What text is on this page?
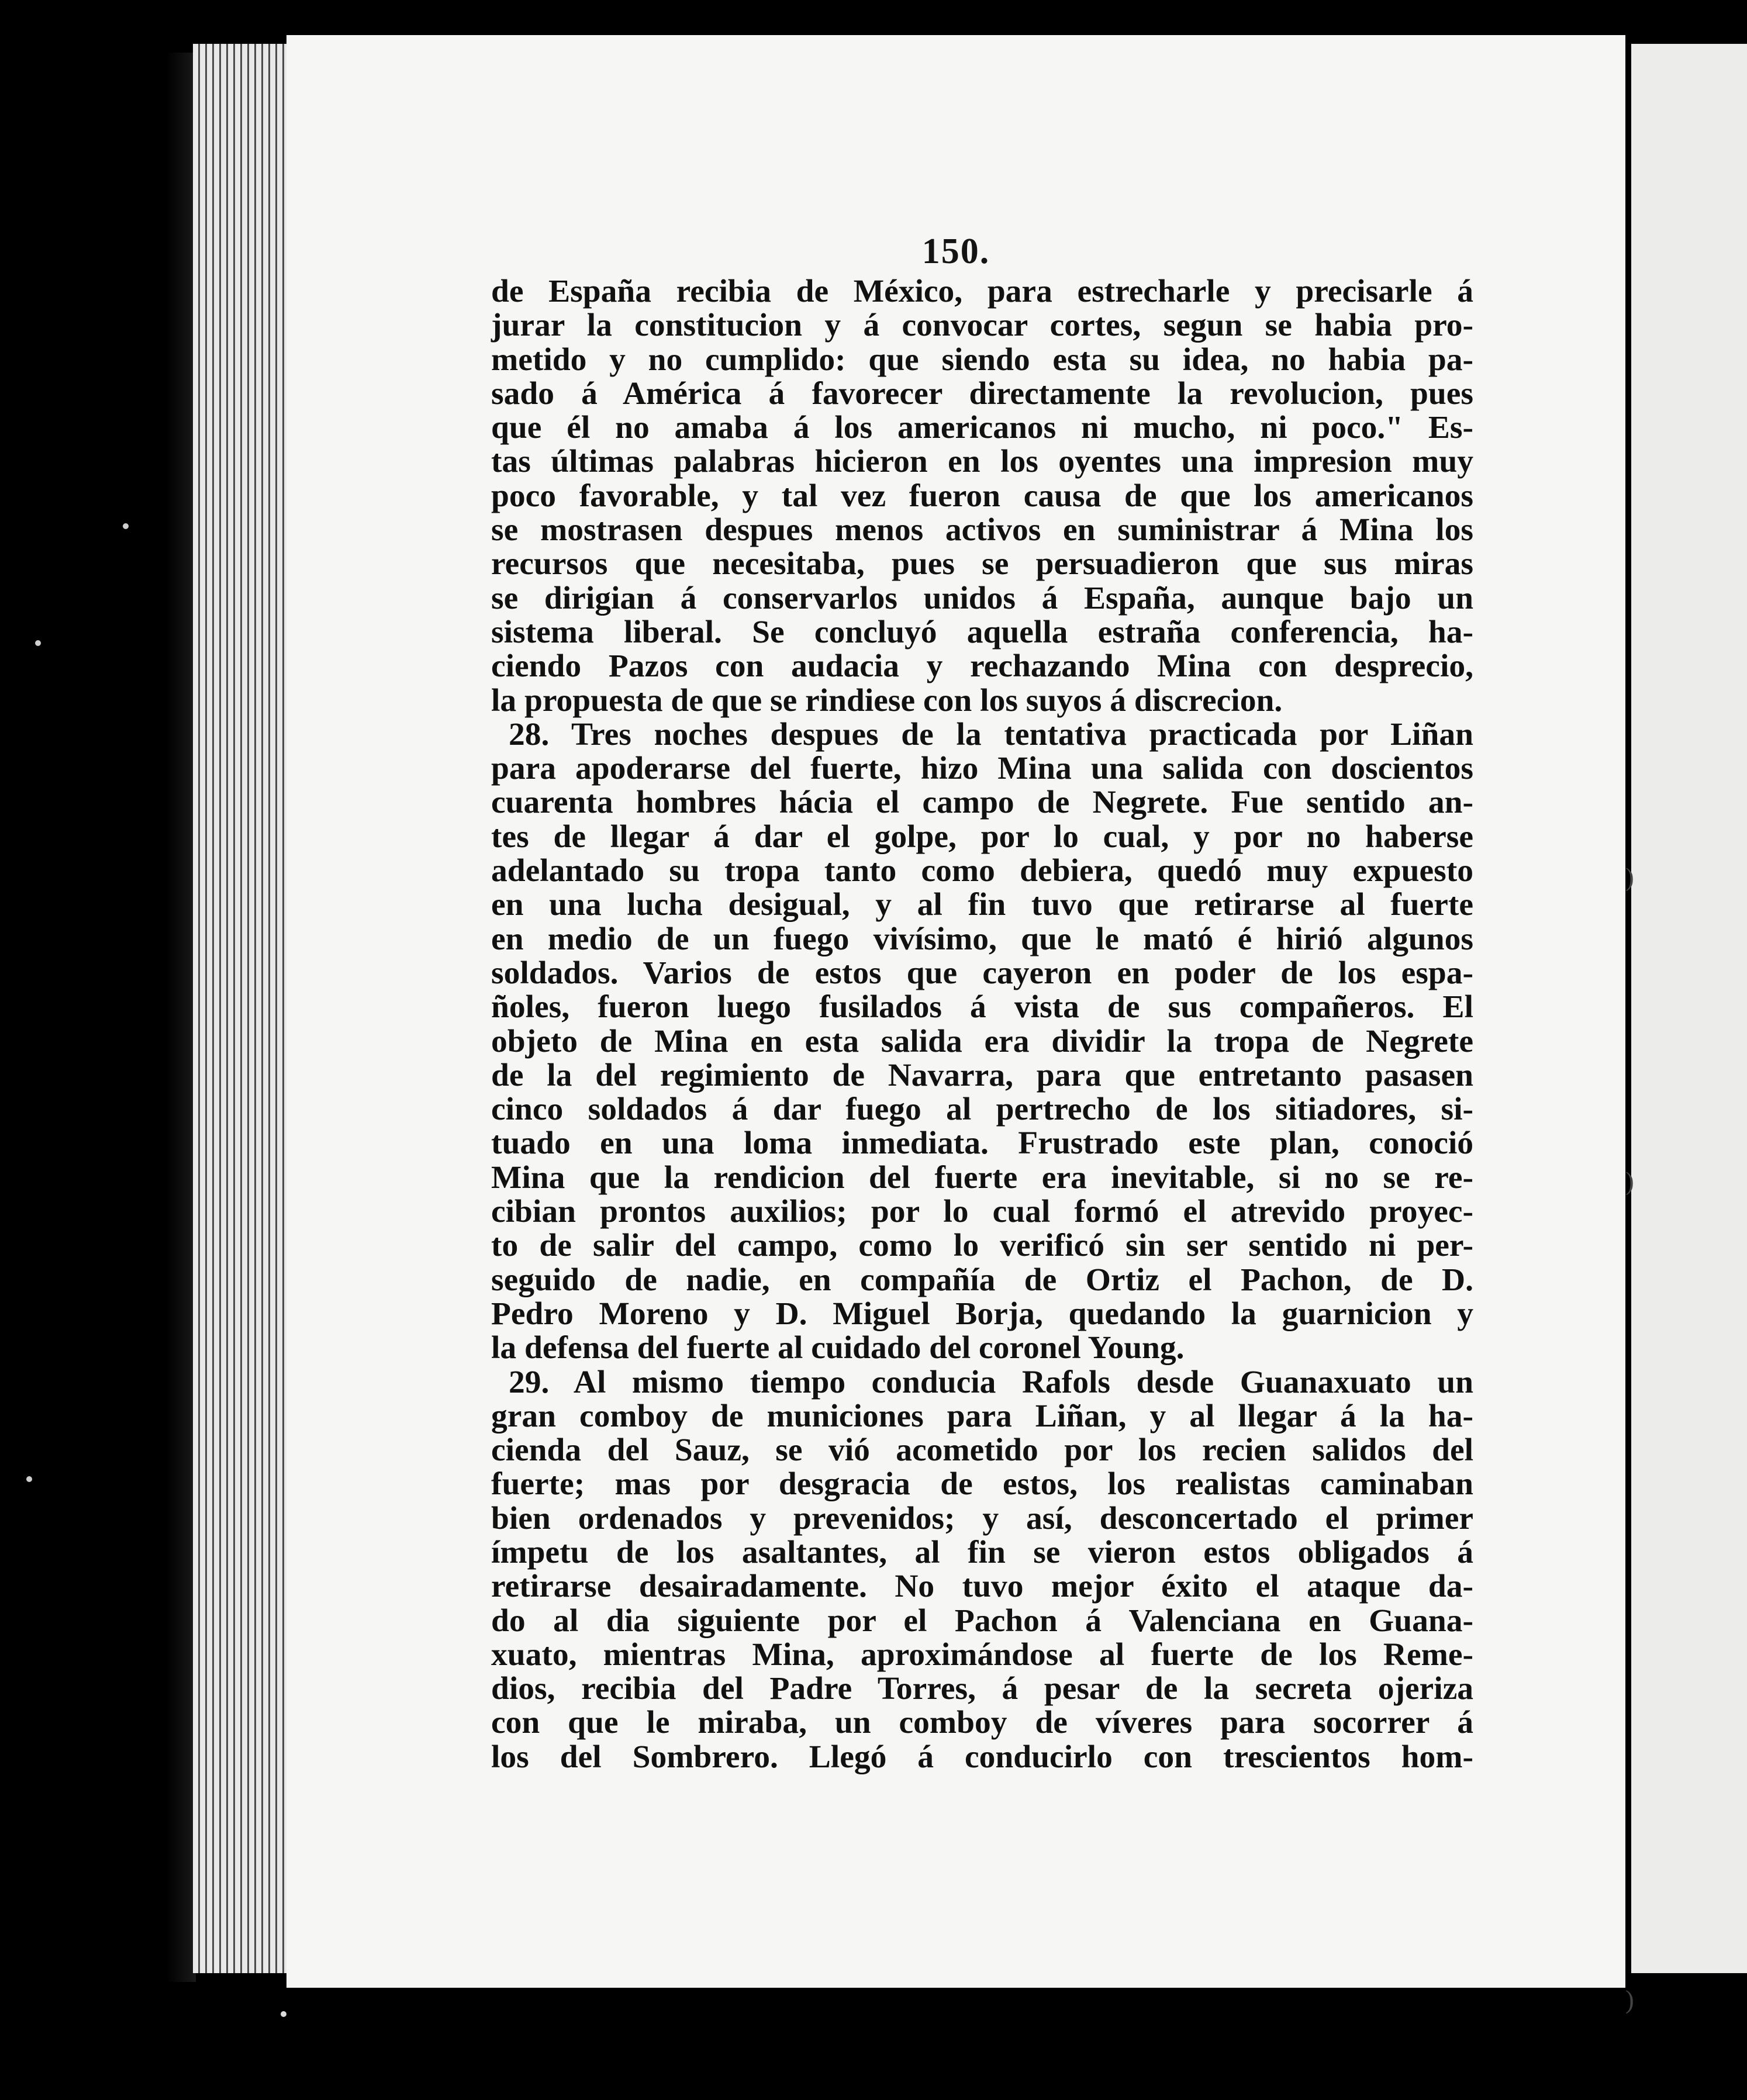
150.
de España recibia de México, para estrecharle y precisarle á
jurar la constitucion y á convocar cortes, segun se habia pro-
metido y no cumplido: que siendo esta su idea, no habia pa-
sado á América á favorecer directamente la revolucion, pues
que él no amaba á los americanos ni mucho, ni poco." Es-
tas últimas palabras hicieron en los oyentes una impresion muy
poco favorable, y tal vez fueron causa de que los americanos
se mostrasen despues menos activos en suministrar á Mina los
recursos que necesitaba, pues se persuadieron que sus miras
se dirigian á conservarlos unidos á España, aunque bajo un
sistema liberal. Se concluyó aquella estraña conferencia, ha-
ciendo Pazos con audacia y rechazando Mina con desprecio,
la propuesta de que se rindiese con los suyos á discrecion.
28. Tres noches despues de la tentativa practicada por Liñan
para apoderarse del fuerte, hizo Mina una salida con doscientos
cuarenta hombres hácia el campo de Negrete. Fue sentido an-
tes de llegar á dar el golpe, por lo cual, y por no haberse
adelantado su tropa tanto como debiera, quedó muy expuesto
en una lucha desigual, y al fin tuvo que retirarse al fuerte
en medio de un fuego vivísimo, que le mató é hirió algunos
soldados. Varios de estos que cayeron en poder de los espa-
ñoles, fueron luego fusilados á vista de sus compañeros. El
objeto de Mina en esta salida era dividir la tropa de Negrete
de la del regimiento de Navarra, para que entretanto pasasen
cinco soldados á dar fuego al pertrecho de los sitiadores, si-
tuado en una loma inmediata. Frustrado este plan, conoció
Mina que la rendicion del fuerte era inevitable, si no se re-
cibian prontos auxilios; por lo cual formó el atrevido proyec-
to de salir del campo, como lo verificó sin ser sentido ni per-
seguido de nadie, en compañía de Ortiz el Pachon, de D.
Pedro Moreno y D. Miguel Borja, quedando la guarnicion y
la defensa del fuerte al cuidado del coronel Young.
29. Al mismo tiempo conducia Rafols desde Guanaxuato un
gran comboy de municiones para Liñan, y al llegar á la ha-
cienda del Sauz, se vió acometido por los recien salidos del
fuerte; mas por desgracia de estos, los realistas caminaban
bien ordenados y prevenidos; y así, desconcertado el primer
ímpetu de los asaltantes, al fin se vieron estos obligados á
retirarse desairadamente. No tuvo mejor éxito el ataque da-
do al dia siguiente por el Pachon á Valenciana en Guana-
xuato, mientras Mina, aproximándose al fuerte de los Reme-
dios, recibia del Padre Torres, á pesar de la secreta ojeriza
con que le miraba, un comboy de víveres para socorrer á
los del Sombrero. Llegó á conducirlo con trescientos hom-
)
)
)
